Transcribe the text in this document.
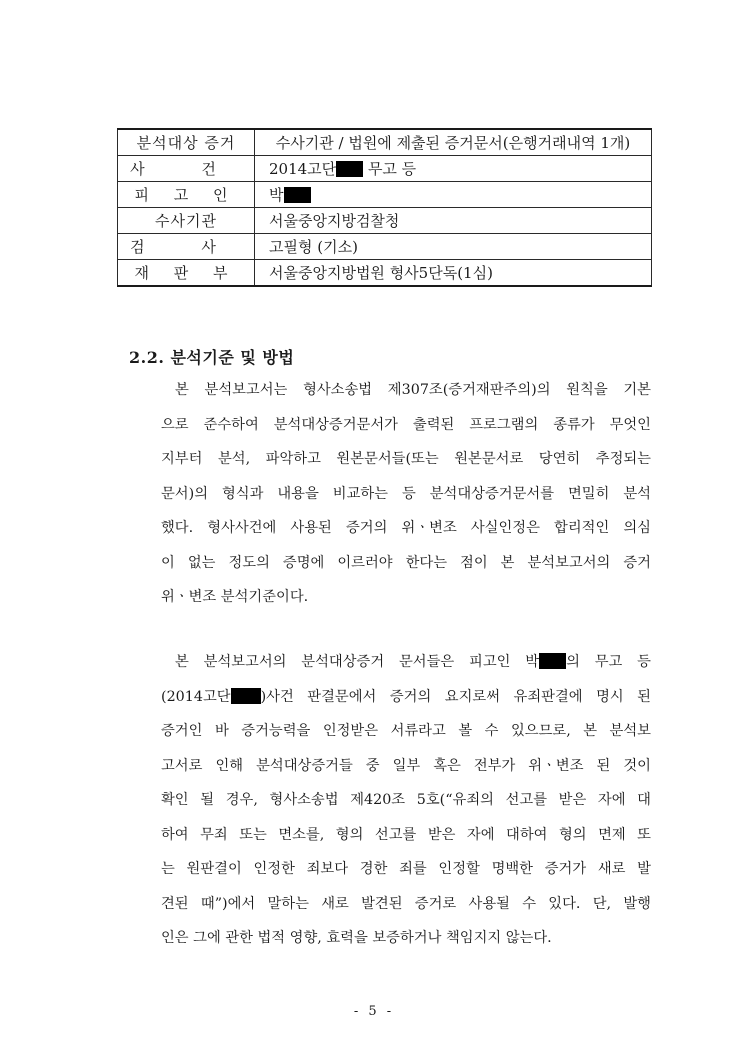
분석대상 증거	수사기관 / 법원에 제출된 증거문서(은행거래내역 1개)
사 건	2014고단 무고 등
피 고 인	박
수사기관	서울중앙지방검찰청
검 사	고필형 (기소)
재 판 부	서울중앙지방법원 형사5단독(1심)
2.2. 분석기준 및 방법
본 분석보고서는 형사소송법 제307조(증거재판주의)의 원칙을 기본
으로 준수하여 분석대상증거문서가 출력된 프로그램의 종류가 무엇인
지부터 분석, 파악하고 원본문서들(또는 원본문서로 당연히 추정되는
문서)의 형식과 내용을 비교하는 등 분석대상증거문서를 면밀히 분석
했다. 형사사건에 사용된 증거의 위ㆍ변조 사실인정은 합리적인 의심
이 없는 정도의 증명에 이르러야 한다는 점이 본 분석보고서의 증거
위ㆍ변조 분석기준이다.
본 분석보고서의 분석대상증거 문서들은 피고인 박 의 무고 등
(2014고단 )사건 판결문에서 증거의 요지로써 유죄판결에 명시 된
증거인 바 증거능력을 인정받은 서류라고 볼 수 있으므로, 본 분석보
고서로 인해 분석대상증거들 중 일부 혹은 전부가 위ㆍ변조 된 것이
확인 될 경우, 형사소송법 제420조 5호(“유죄의 선고를 받은 자에 대
하여 무죄 또는 면소를, 형의 선고를 받은 자에 대하여 형의 면제 또
는 원판결이 인정한 죄보다 경한 죄를 인정할 명백한 증거가 새로 발
견된 때”)에서 말하는 새로 발견된 증거로 사용될 수 있다. 단, 발행
인은 그에 관한 법적 영향, 효력을 보증하거나 책임지지 않는다.
- 5 -
